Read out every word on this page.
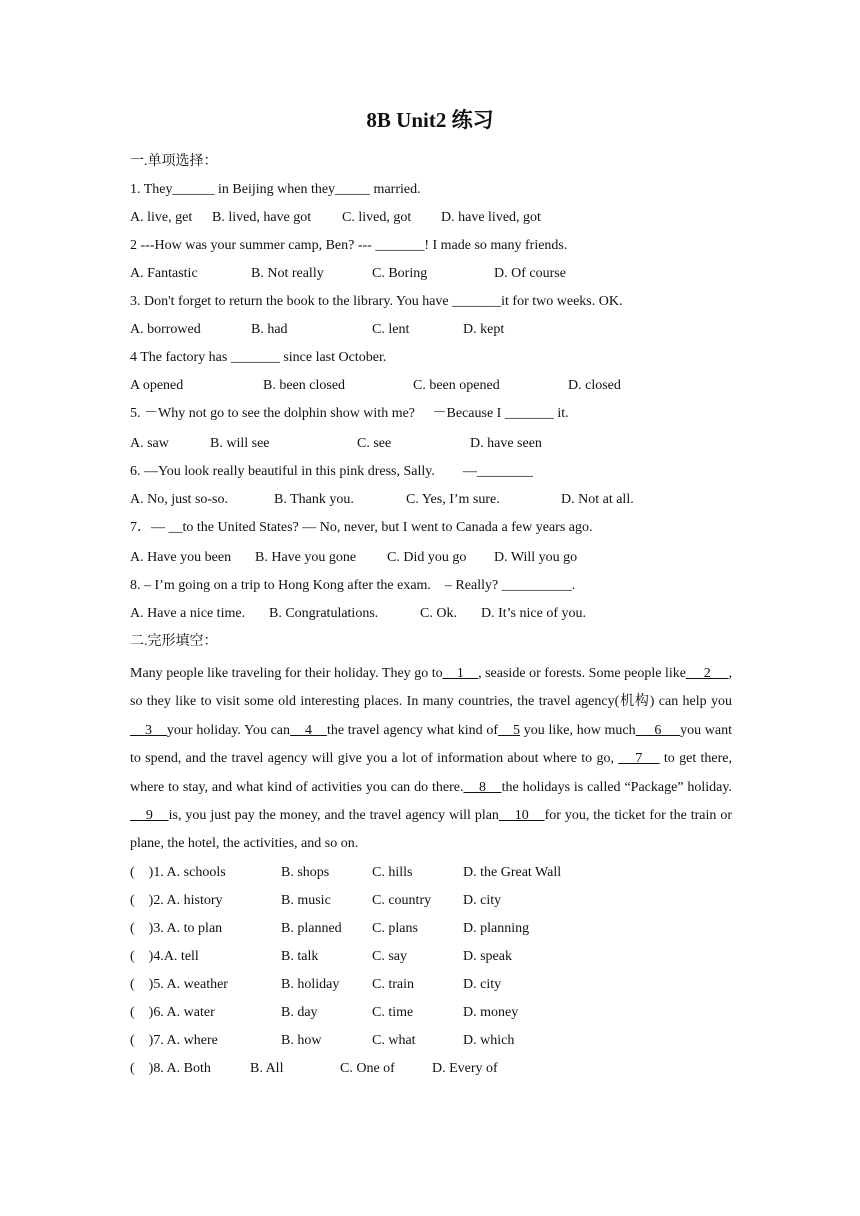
8B Unit2 练习
一.单项选择：
1. They______ in Beijing when they_____ married.
A. live, get B. lived, have got C. lived, got D. have lived, got
2 ---How was your summer camp, Ben? --- _______! I made so many friends.
A. Fantastic	B. Not really	C. Boring	D. Of course
3. Don't forget to return the book to the library. You have _______it for two weeks. OK.
A. borrowed	B. had	C. lent	D. kept
4 The factory has _______ since last October.
A opened	B. been closed	C. been opened	D. closed
5. －Why not go to see the dolphin show with me?　 －Because I _______ it.
A. saw	B. will see	C. see	D. have seen
6. —You look really beautiful in this pink dress, Sally.　　—________
A. No, just so-so.	B. Thank you.	C. Yes, I’m sure.	D. Not at all.
7．— __to the United States? — No, never, but I went to Canada a few years ago.
A. Have you been B. Have you gone C. Did you go D. Will you go
8. – I’m going on a trip to Hong Kong after the exam.　– Really? __________.
A. Have a nice time. B. Congratulations.	C. Ok. D. It’s nice of you.
二.完形填空：

Many people like traveling for their holiday. They go to    1    , seaside or forests. Some people like     2     , so they like to visit some old interesting places. In many countries, the travel agency(机构) can help you    3    your holiday. You can    4    the travel agency what kind of    5 you like, how much     6     you want to spend, and the travel agency will give you a lot of information about where to go,     7     to get there, where to stay, and what kind of activities you can do there.    8    the holidays is called “Package” holiday.    9    is, you just pay the money, and the travel agency will plan    10    for you, the ticket for the train or plane, the hotel, the activities, and so on.

(　)1. A. schools	B. shops	C. hills	D. the Great Wall
(　)2. A. history	B. music	C. country D. city
(　)3. A. to plan	B. planned C. plans	D. planning
(　)4.A. tell	B. talk	C. say	D. speak
(　)5. A. weather	B. holiday C. train	D. city
(　)6. A. water	B. day	C. time	D. money
(　)7. A. where	B. how	C. what	D. which
(　)8. A. Both	B. All	C. One of	D. Every of
